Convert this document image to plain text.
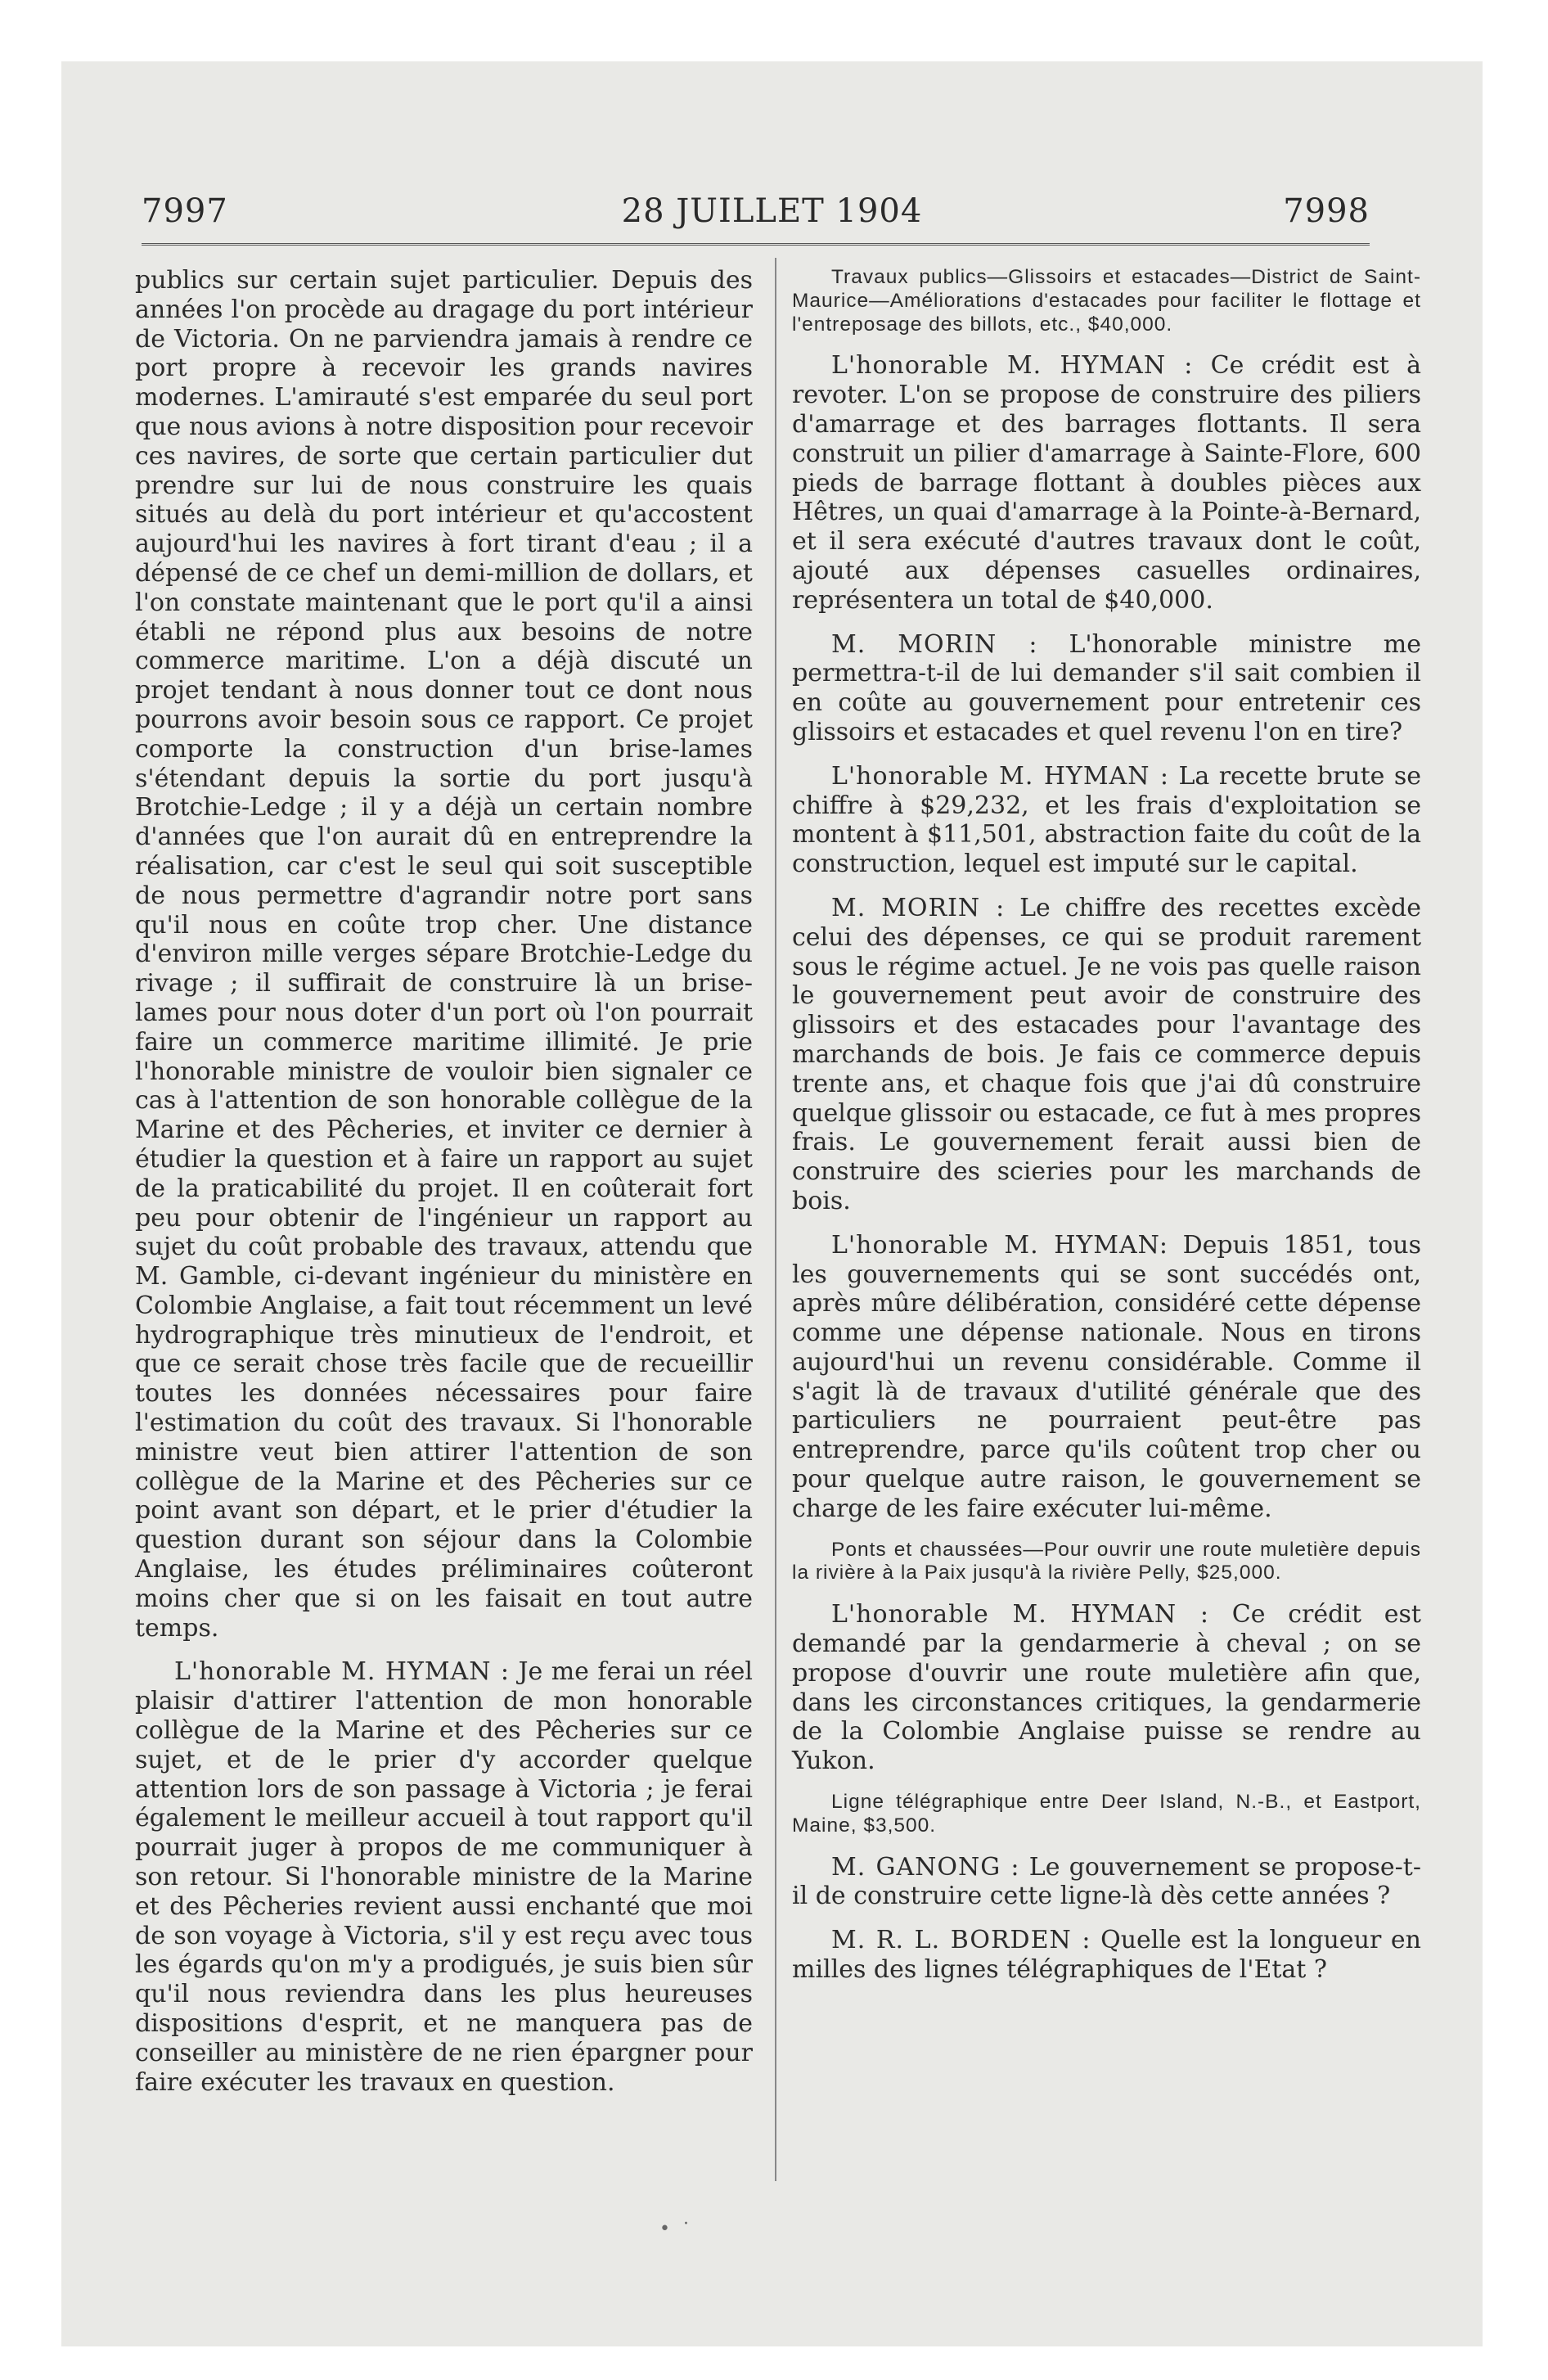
7997	28 JUILLET 1904	7998

publics sur certain sujet particulier. Depuis des années l'on procède au dragage du port intérieur de Victoria. On ne parviendra jamais à rendre ce port propre à recevoir les grands navires modernes. L'amirauté s'est emparée du seul port que nous avions à notre disposition pour recevoir ces navires, de sorte que certain particulier dut prendre sur lui de nous construire les quais situés au delà du port intérieur et qu'accostent aujourd'hui les navires à fort tirant d'eau ; il a dépensé de ce chef un demi-million de dollars, et l'on constate maintenant que le port qu'il a ainsi établi ne répond plus aux besoins de notre commerce maritime. L'on a déjà discuté un projet tendant à nous donner tout ce dont nous pourrons avoir besoin sous ce rapport. Ce projet comporte la construction d'un brise-lames s'étendant depuis la sortie du port jusqu'à Brotchie-Ledge ; il y a déjà un certain nombre d'années que l'on aurait dû en entreprendre la réalisation, car c'est le seul qui soit susceptible de nous permettre d'agrandir notre port sans qu'il nous en coûte trop cher. Une distance d'environ mille verges sépare Brotchie-Ledge du rivage ; il suffirait de construire là un brise-lames pour nous doter d'un port où l'on pourrait faire un commerce maritime illimité. Je prie l'honorable ministre de vouloir bien signaler ce cas à l'attention de son honorable collègue de la Marine et des Pêcheries, et inviter ce dernier à étudier la question et à faire un rapport au sujet de la praticabilité du projet. Il en coûterait fort peu pour obtenir de l'ingénieur un rapport au sujet du coût probable des travaux, attendu que M. Gamble, ci-devant ingénieur du ministère en Colombie Anglaise, a fait tout récemment un levé hydrographique très minutieux de l'endroit, et que ce serait chose très facile que de recueillir toutes les données nécessaires pour faire l'estimation du coût des travaux. Si l'honorable ministre veut bien attirer l'attention de son collègue de la Marine et des Pêcheries sur ce point avant son départ, et le prier d'étudier la question durant son séjour dans la Colombie Anglaise, les études préliminaires coûteront moins cher que si on les faisait en tout autre temps.

L'honorable M. HYMAN : Je me ferai un réel plaisir d'attirer l'attention de mon honorable collègue de la Marine et des Pêcheries sur ce sujet, et de le prier d'y accorder quelque attention lors de son passage à Victoria ; je ferai également le meilleur accueil à tout rapport qu'il pourrait juger à propos de me communiquer à son retour. Si l'honorable ministre de la Marine et des Pêcheries revient aussi enchanté que moi de son voyage à Victoria, s'il y est reçu avec tous les égards qu'on m'y a prodigués, je suis bien sûr qu'il nous reviendra dans les plus heureuses dispositions d'esprit, et ne manquera pas de conseiller au ministère de ne rien épargner pour faire exécuter les travaux en question.

Travaux publics—Glissoirs et estacades—District de Saint-Maurice—Améliorations d'estacades pour faciliter le flottage et l'entreposage des billots, etc., $40,000.

L'honorable M. HYMAN : Ce crédit est à revoter. L'on se propose de construire des piliers d'amarrage et des barrages flottants. Il sera construit un pilier d'amarrage à Sainte-Flore, 600 pieds de barrage flottant à doubles pièces aux Hêtres, un quai d'amarrage à la Pointe-à-Bernard, et il sera exécuté d'autres travaux dont le coût, ajouté aux dépenses casuelles ordinaires, représentera un total de $40,000.

M. MORIN : L'honorable ministre me permettra-t-il de lui demander s'il sait combien il en coûte au gouvernement pour entretenir ces glissoirs et estacades et quel revenu l'on en tire?

L'honorable M. HYMAN : La recette brute se chiffre à $29,232, et les frais d'exploitation se montent à $11,501, abstraction faite du coût de la construction, lequel est imputé sur le capital.

M. MORIN : Le chiffre des recettes excède celui des dépenses, ce qui se produit rarement sous le régime actuel. Je ne vois pas quelle raison le gouvernement peut avoir de construire des glissoirs et des estacades pour l'avantage des marchands de bois. Je fais ce commerce depuis trente ans, et chaque fois que j'ai dû construire quelque glissoir ou estacade, ce fut à mes propres frais. Le gouvernement ferait aussi bien de construire des scieries pour les marchands de bois.

L'honorable M. HYMAN: Depuis 1851, tous les gouvernements qui se sont succédés ont, après mûre délibération, considéré cette dépense comme une dépense nationale. Nous en tirons aujourd'hui un revenu considérable. Comme il s'agit là de travaux d'utilité générale que des particuliers ne pourraient peut-être pas entreprendre, parce qu'ils coûtent trop cher ou pour quelque autre raison, le gouvernement se charge de les faire exécuter lui-même.

Ponts et chaussées—Pour ouvrir une route muletière depuis la rivière à la Paix jusqu'à la rivière Pelly, $25,000.

L'honorable M. HYMAN : Ce crédit est demandé par la gendarmerie à cheval ; on se propose d'ouvrir une route muletière afin que, dans les circonstances critiques, la gendarmerie de la Colombie Anglaise puisse se rendre au Yukon.

Ligne télégraphique entre Deer Island, N.-B., et Eastport, Maine, $3,500.

M. GANONG : Le gouvernement se propose-t-il de construire cette ligne-là dès cette années ?

M. R. L. BORDEN : Quelle est la longueur en milles des lignes télégraphiques de l'Etat ?

• ·
